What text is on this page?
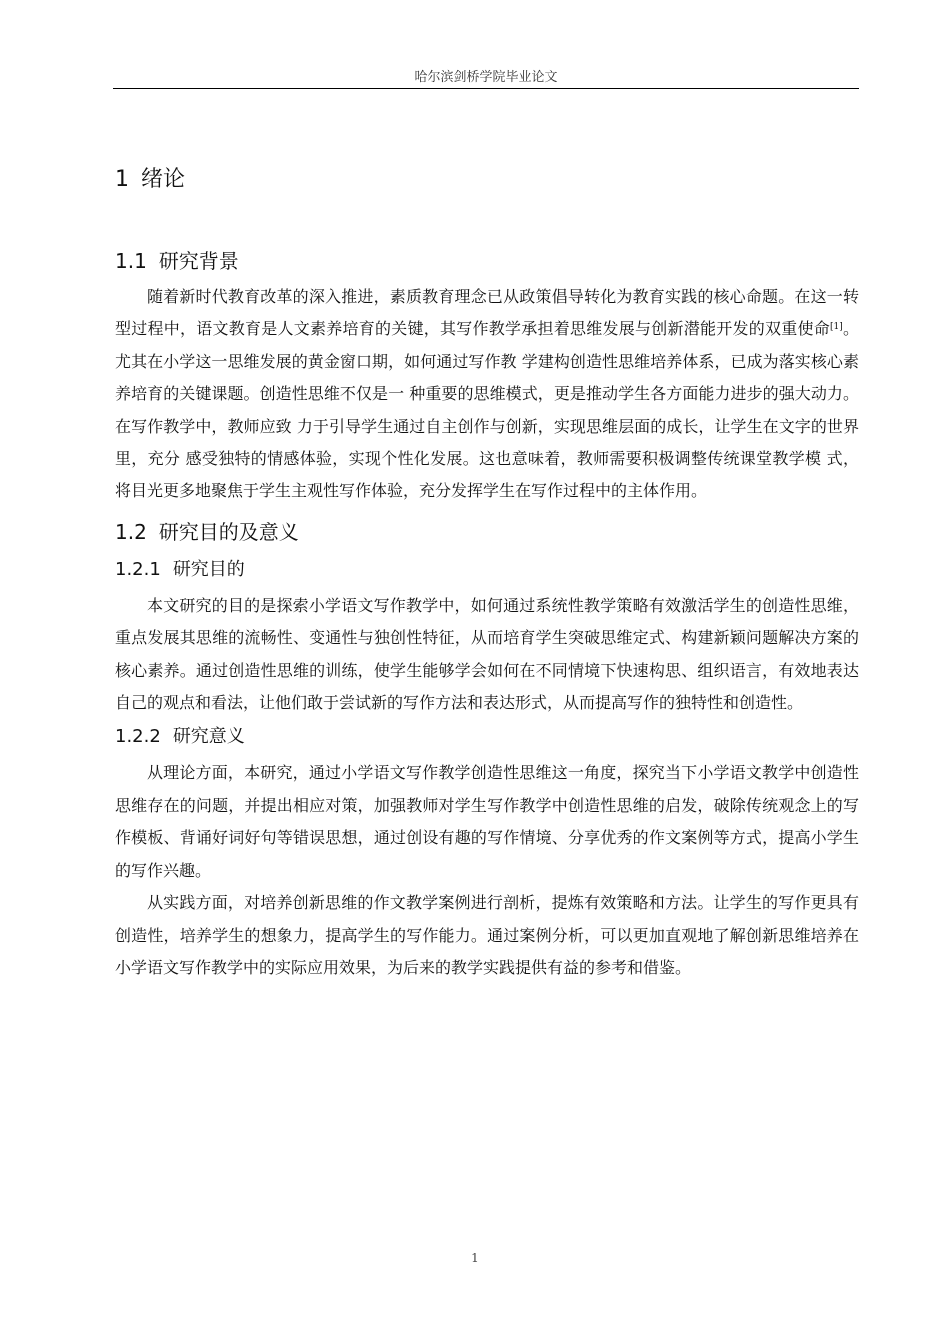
哈尔滨剑桥学院毕业论文
1 绪论
1.1 研究背景

随着新时代教育改革的深入推进，素质教育理念已从政策倡导转化为教育实践的核心命题。在这一转型过程中，语文教育是人文素养培育的关键，其写作教学承担着思维发展与创新潜能开发的双重使命[1]。尤其在小学这一思维发展的黄金窗口期，如何通过写作教 学建构创造性思维培养体系，已成为落实核心素养培育的关键课题。创造性思维不仅是一 种重要的思维模式，更是推动学生各方面能力进步的强大动力。在写作教学中，教师应致 力于引导学生通过自主创作与创新，实现思维层面的成长，让学生在文字的世界里，充分 感受独特的情感体验，实现个性化发展。这也意味着，教师需要积极调整传统课堂教学模 式，将目光更多地聚焦于学生主观性写作体验，充分发挥学生在写作过程中的主体作用。

1.2 研究目的及意义
1.2.1 研究目的

本文研究的目的是探索小学语文写作教学中，如何通过系统性教学策略有效激活学生的创造性思维，重点发展其思维的流畅性、变通性与独创性特征，从而培育学生突破思维定式、构建新颖问题解决方案的核心素养。通过创造性思维的训练，使学生能够学会如何在不同情境下快速构思、组织语言，有效地表达自己的观点和看法，让他们敢于尝试新的写作方法和表达形式，从而提高写作的独特性和创造性。

1.2.2 研究意义

从理论方面，本研究，通过小学语文写作教学创造性思维这一角度，探究当下小学语文教学中创造性思维存在的问题，并提出相应对策，加强教师对学生写作教学中创造性思维的启发，破除传统观念上的写作模板、背诵好词好句等错误思想，通过创设有趣的写作情境、分享优秀的作文案例等方式，提高小学生的写作兴趣。

从实践方面，对培养创新思维的作文教学案例进行剖析，提炼有效策略和方法。让学生的写作更具有创造性，培养学生的想象力，提高学生的写作能力。通过案例分析，可以更加直观地了解创新思维培养在小学语文写作教学中的实际应用效果，为后来的教学实践提供有益的参考和借鉴。

1
